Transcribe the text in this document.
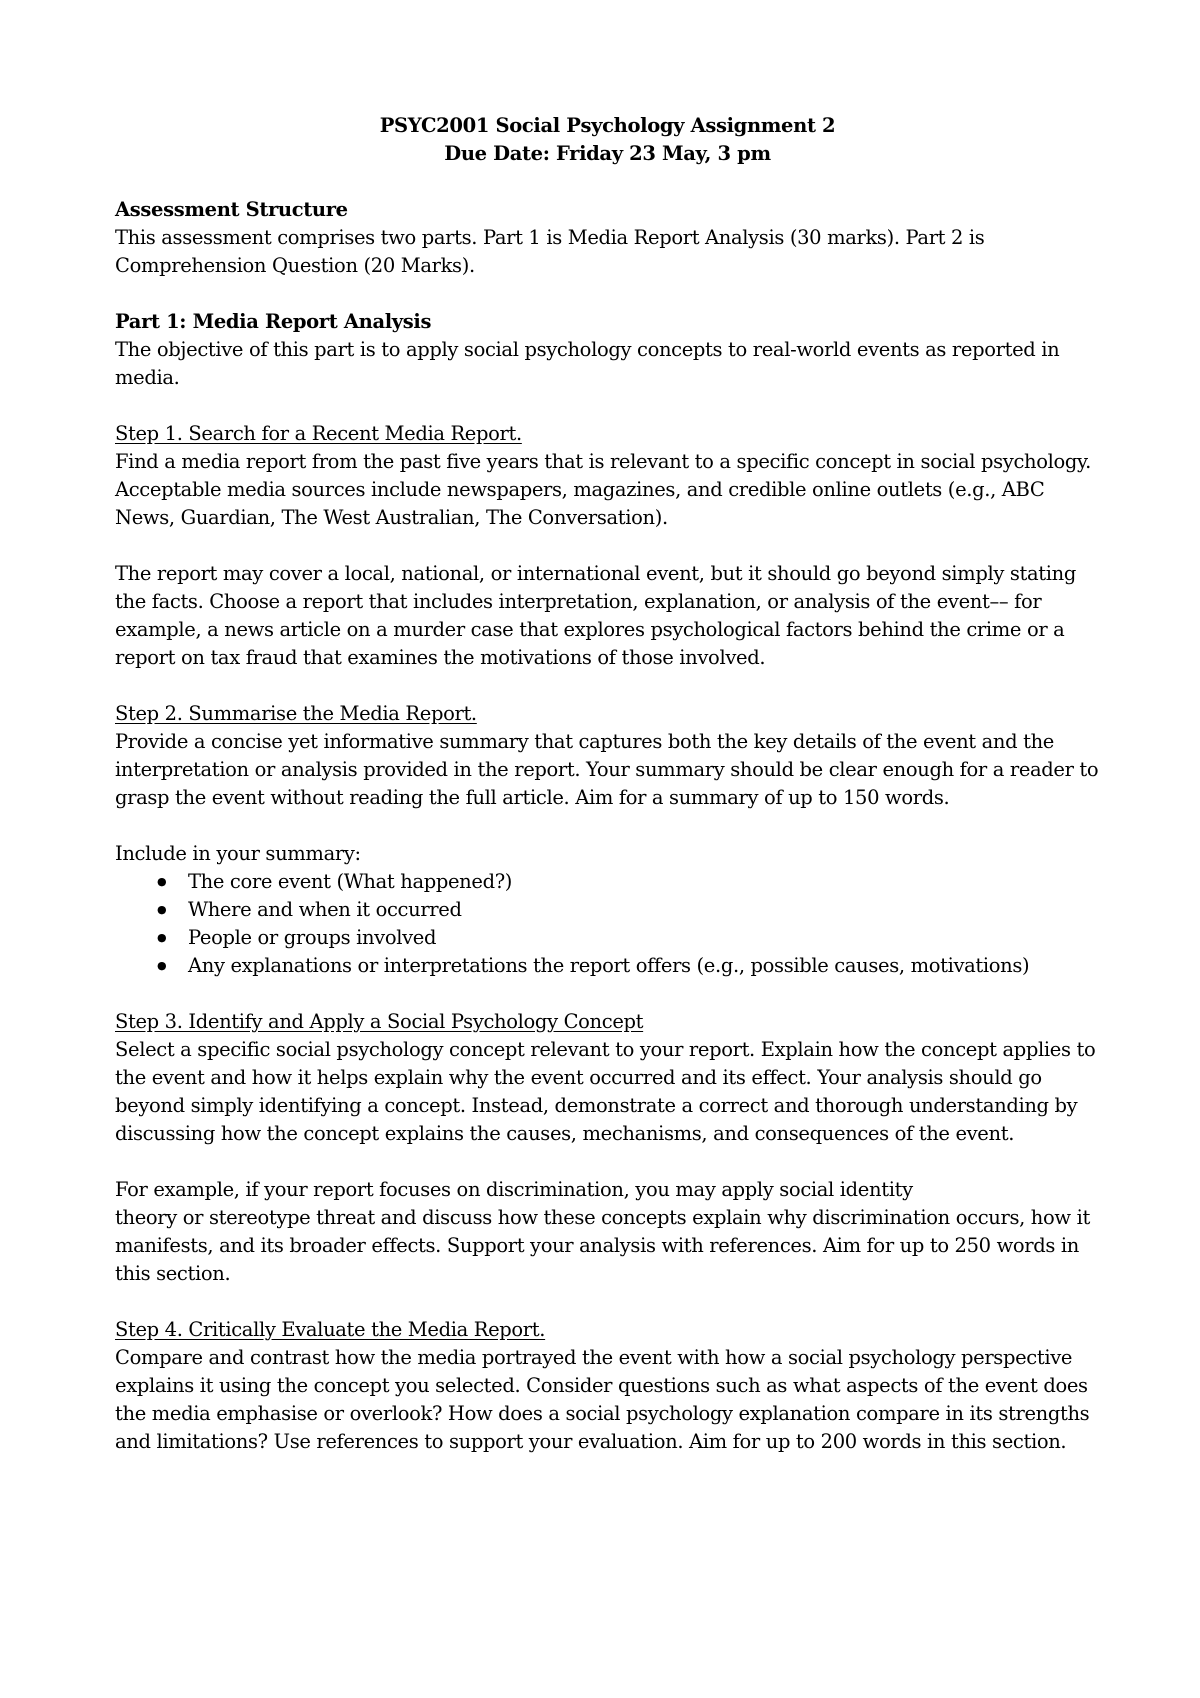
PSYC2001 Social Psychology Assignment 2
Due Date: Friday 23 May, 3 pm
Assessment Structure

This assessment comprises two parts. Part 1 is Media Report Analysis (30 marks). Part 2 is Comprehension Question (20 Marks).

Part 1: Media Report Analysis

The objective of this part is to apply social psychology concepts to real-world events as reported in media.

Step 1. Search for a Recent Media Report.

Find a media report from the past five years that is relevant to a specific concept in social psychology. Acceptable media sources include newspapers, magazines, and credible online outlets (e.g., ABC News, Guardian, The West Australian, The Conversation).

The report may cover a local, national, or international event, but it should go beyond simply stating the facts. Choose a report that includes interpretation, explanation, or analysis of the event–– for example, a news article on a murder case that explores psychological factors behind the crime or a report on tax fraud that examines the motivations of those involved.

Step 2. Summarise the Media Report.

Provide a concise yet informative summary that captures both the key details of the event and the interpretation or analysis provided in the report. Your summary should be clear enough for a reader to grasp the event without reading the full article. Aim for a summary of up to 150 words.

Include in your summary:

● The core event (What happened?)
● Where and when it occurred
● People or groups involved
● Any explanations or interpretations the report offers (e.g., possible causes, motivations)
Step 3. Identify and Apply a Social Psychology Concept

Select a specific social psychology concept relevant to your report. Explain how the concept applies to the event and how it helps explain why the event occurred and its effect. Your analysis should go beyond simply identifying a concept. Instead, demonstrate a correct and thorough understanding by discussing how the concept explains the causes, mechanisms, and consequences of the event.

For example, if your report focuses on discrimination, you may apply social identity
theory or stereotype threat and discuss how these concepts explain why discrimination occurs, how it manifests, and its broader effects. Support your analysis with references. Aim for up to 250 words in this section.

Step 4. Critically Evaluate the Media Report.

Compare and contrast how the media portrayed the event with how a social psychology perspective explains it using the concept you selected. Consider questions such as what aspects of the event does the media emphasise or overlook? How does a social psychology explanation compare in its strengths and limitations? Use references to support your evaluation. Aim for up to 200 words in this section.
